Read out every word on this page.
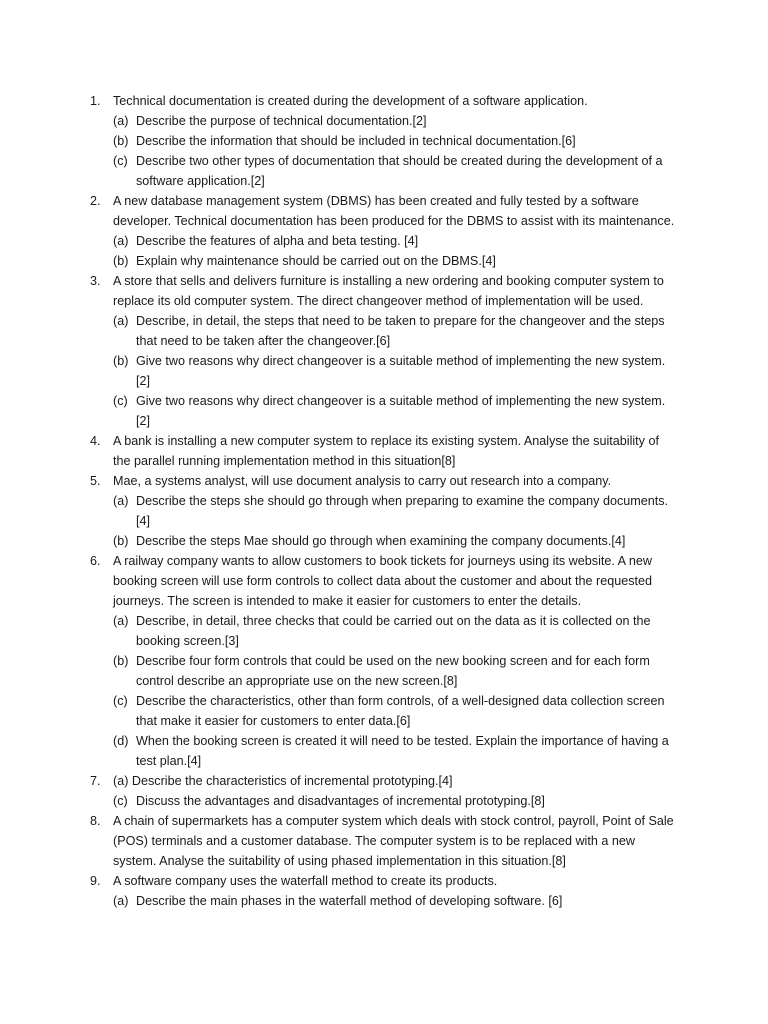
1. Technical documentation is created during the development of a software application.
(a) Describe the purpose of technical documentation.[2]
(b) Describe the information that should be included in technical documentation.[6]
(c) Describe two other types of documentation that should be created during the development of a software application.[2]
2. A new database management system (DBMS) has been created and fully tested by a software developer. Technical documentation has been produced for the DBMS to assist with its maintenance.
(a) Describe the features of alpha and beta testing. [4]
(b) Explain why maintenance should be carried out on the DBMS.[4]
3. A store that sells and delivers furniture is installing a new ordering and booking computer system to replace its old computer system. The direct changeover method of implementation will be used.
(a) Describe, in detail, the steps that need to be taken to prepare for the changeover and the steps that need to be taken after the changeover.[6]
(b) Give two reasons why direct changeover is a suitable method of implementing the new system. [2]
(c) Give two reasons why direct changeover is a suitable method of implementing the new system. [2]
4. A bank is installing a new computer system to replace its existing system. Analyse the suitability of the parallel running implementation method in this situation[8]
5. Mae, a systems analyst, will use document analysis to carry out research into a company.
(a) Describe the steps she should go through when preparing to examine the company documents. [4]
(b) Describe the steps Mae should go through when examining the company documents.[4]
6. A railway company wants to allow customers to book tickets for journeys using its website. A new booking screen will use form controls to collect data about the customer and about the requested journeys. The screen is intended to make it easier for customers to enter the details.
(a) Describe, in detail, three checks that could be carried out on the data as it is collected on the booking screen.[3]
(b) Describe four form controls that could be used on the new booking screen and for each form control describe an appropriate use on the new screen.[8]
(c) Describe the characteristics, other than form controls, of a well-designed data collection screen that make it easier for customers to enter data.[6]
(d) When the booking screen is created it will need to be tested. Explain the importance of having a test plan.[4]
7. (a) Describe the characteristics of incremental prototyping.[4]
(c) Discuss the advantages and disadvantages of incremental prototyping.[8]
8. A chain of supermarkets has a computer system which deals with stock control, payroll, Point of Sale (POS) terminals and a customer database. The computer system is to be replaced with a new system. Analyse the suitability of using phased implementation in this situation.[8]
9. A software company uses the waterfall method to create its products.
(a) Describe the main phases in the waterfall method of developing software. [6]
